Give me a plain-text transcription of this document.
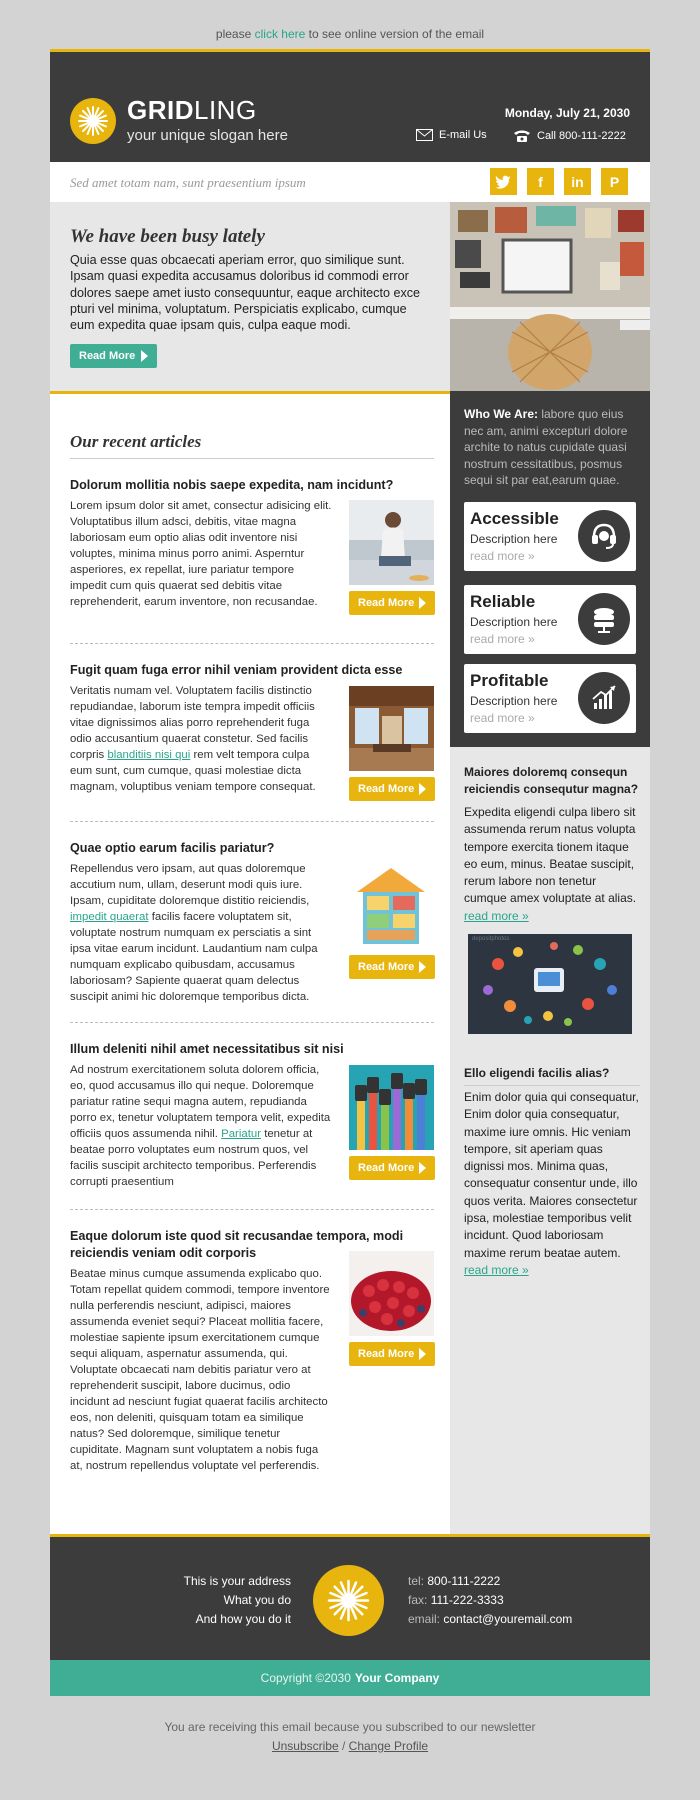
please click here to see online version of the email
GRIDLING
your unique slogan here
Monday, July 21, 2030
E-mail Us	Call 800-111-2222
Sed amet totam nam, sunt praesentium ipsum	f in P
We have been busy lately
Quia esse quas obcaecati aperiam error, quo similique sunt. Ipsam quasi expedita accusamus doloribus id commodi error dolores saepe amet iusto consequuntur, eaque architecto exce pturi vel minima, voluptatum. Perspiciatis explicabo, cumque eum expedita quae ipsam quis, culpa eaque modi.
Read More
Our recent articles
Dolorum mollitia nobis saepe expedita, nam incidunt?
Lorem ipsum dolor sit amet, consectur adisicing elit. Voluptatibus illum adsci, debitis, vitae magna laboriosam eum optio alias odit inventore nisi voluptes, minima minus porro animi. Asperntur asperiores, ex repellat, iure pariatur tempore impedit cum quis quaerat sed debitis vitae reprehenderit, earum inventore, non recusandae.	Read More
Fugit quam fuga error nihil veniam provident dicta esse
Veritatis numam vel. Voluptatem facilis distinctio repudiandae, laborum iste tempra impedit officiis vitae dignissimos alias porro reprehenderit fuga odio accusantium quaerat constetur. Sed facilis corpris blanditiis nisi qui rem velt tempora culpa eum sunt, cum cumque, quasi molestiae dicta magnam, voluptibus veniam tempore consequat.	Read More
Quae optio earum facilis pariatur?
Repellendus vero ipsam, aut quas doloremque accutium num, ullam, deserunt modi quis iure. Ipsam, cupiditate doloremque distitio reiciendis, impedit quaerat facilis facere voluptatem sit, voluptate nostrum numquam ex persciatis a sint ipsa vitae earum incidunt. Laudantium nam culpa numquam explicabo quibusdam, accusamus laboriosam? Sapiente quaerat quam delectus suscipit animi hic doloremque temporibus dicta.
Read More
Illum deleniti nihil amet necessitatibus sit nisi
Ad nostrum exercitationem soluta dolorem officia, eo, quod accusamus illo qui neque. Doloremque pariatur ratine sequi magna autem, repudianda porro ex, tenetur voluptatem tempora velit, expedita officiis quos assumenda nihil. Pariatur tenetur at beatae porro voluptates eum nostrum quos, vel facilis suscipit architecto temporibus. Perferendis corrupti praesentium
Read More
Eaque dolorum iste quod sit recusandae tempora, modi reiciendis veniam odit corporis
Beatae minus cumque assumenda explicabo quo. Totam repellat quidem commodi, tempore inventore nulla perferendis nesciunt, adipisci, maiores assumenda eveniet sequi? Placeat mollitia facere, molestiae sapiente ipsum exercitationem cumque sequi aliquam, aspernatur assumenda, qui. Voluptate obcaecati nam debitis pariatur vero at reprehenderit suscipit, labore ducimus, odio incidunt ad nesciunt fugiat quaerat facilis architecto eos, non deleniti, quisquam totam ea similique natus? Sed doloremque, similique tenetur cupiditate. Magnam sunt voluptatem a nobis fuga at, nostrum repellendus voluptate vel perferendis.
Read More
Who We Are: labore quo eius nec am, animi excepturi dolore archite to natus cupidate quasi nostrum cessitatibus, posmus sequi sit par eat,earum quae.
Accessible
Description here
read more »
Reliable
Description here
read more »
Profitable
Description here
read more »
Maiores doloremq consequn reiciendis consequtur magna?
Expedita eligendi culpa libero sit assumenda rerum natus volupta tempore exercita tionem itaque eo eum, minus. Beatae suscipit, rerum labore non tenetur cumque amex voluptate at alias. read more »
depositphotos
Ello eligendi facilis alias?
Enim dolor quia qui consequatur, Enim dolor quia consequatur, maxime iure omnis. Hic veniam tempore, sit aperiam quas dignissi mos. Minima quas, consequatur consentur unde, illo quos verita. Maiores consectetur ipsa, molestiae temporibus velit incidunt. Quod laboriosam maxime rerum beatae autem. read more »
This is your address
What you do
And how you do it
tel: 800-111-2222
fax: 111-222-3333
email: contact@youremail.com
Copyright ©2030 Your Company
You are receiving this email because you subscribed to our newsletter
Unsubscribe / Change Profile
